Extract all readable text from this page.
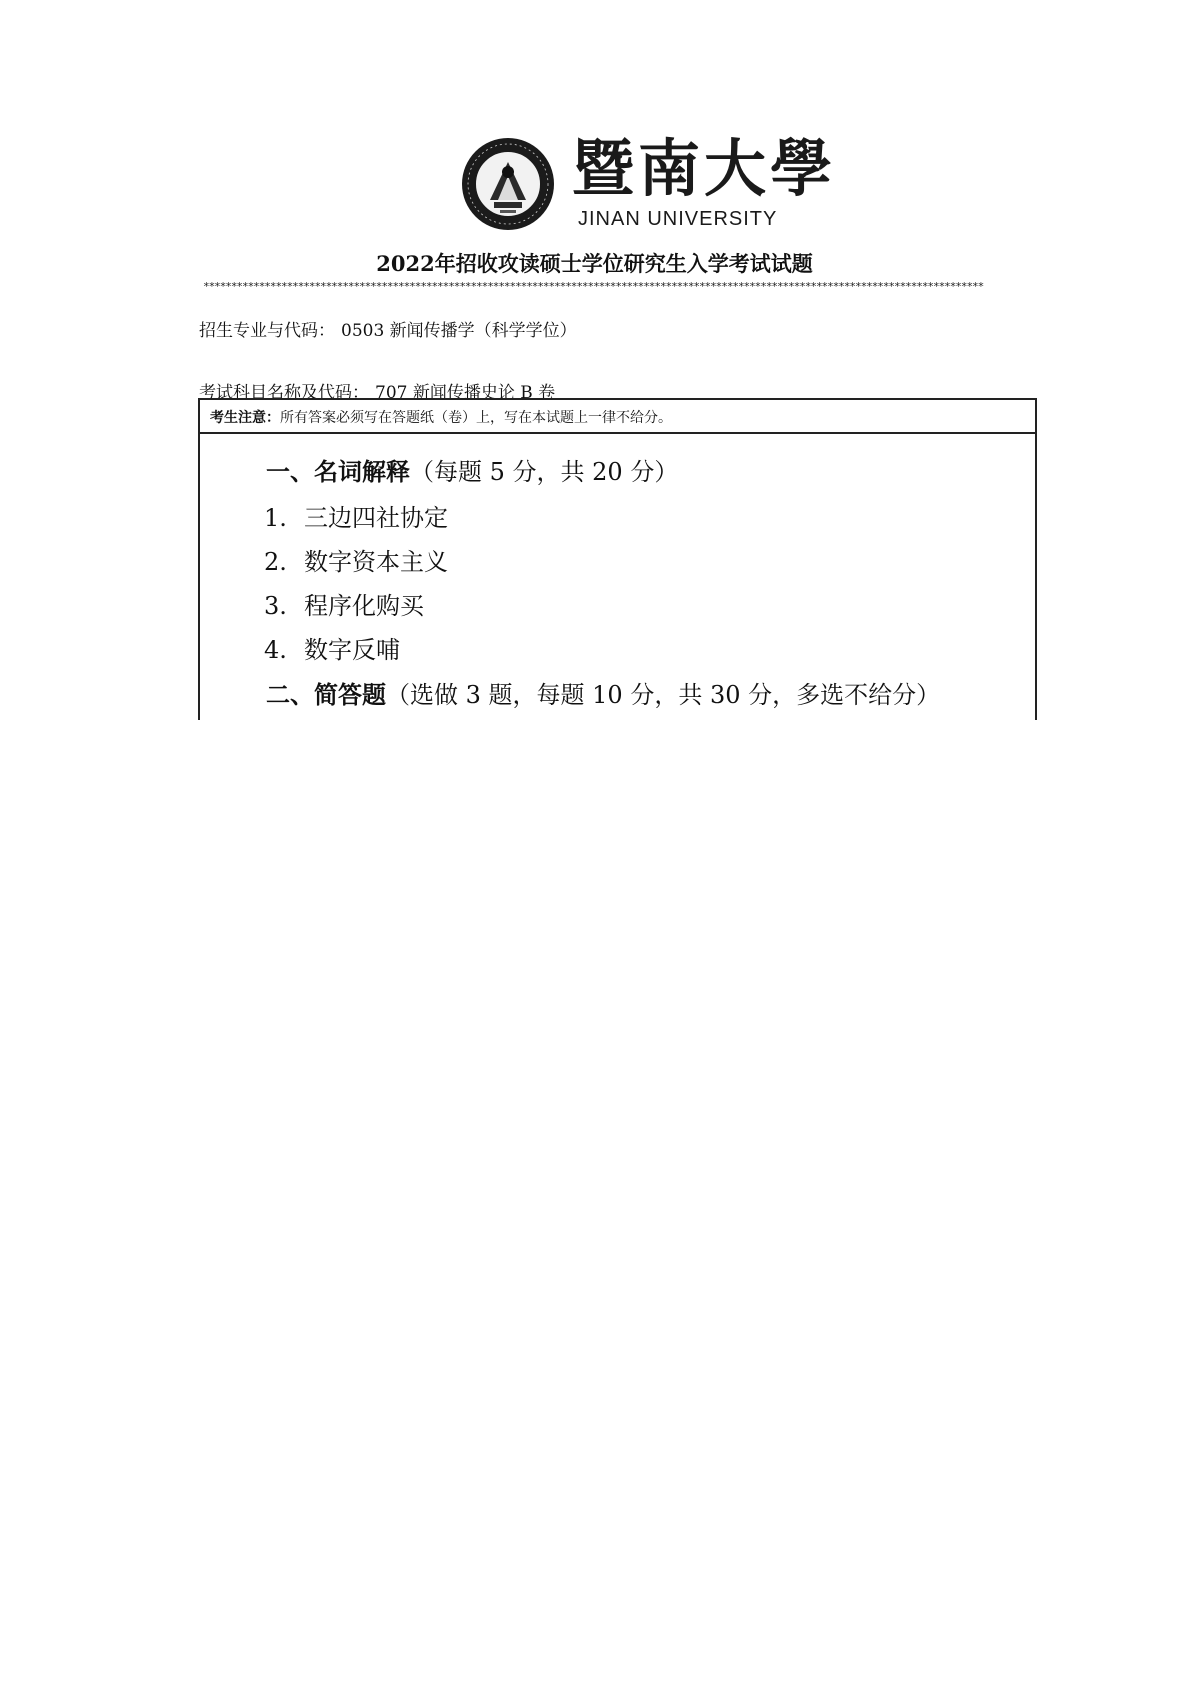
暨南大學
JINAN UNIVERSITY
2022年招收攻读硕士学位研究生入学考试试题
********************************************************************************************************************************************
招生专业与代码： 0503 新闻传播学（科学学位）
考试科目名称及代码： 707 新闻传播史论 B 卷
考生注意：所有答案必须写在答题纸（卷）上，写在本试题上一律不给分。
一、名词解释（每题 5 分，共 20 分）
1. 三边四社协定
2. 数字资本主义
3. 程序化购买
4. 数字反哺
二、简答题（选做 3 题，每题 10 分，共 30 分，多选不给分）
